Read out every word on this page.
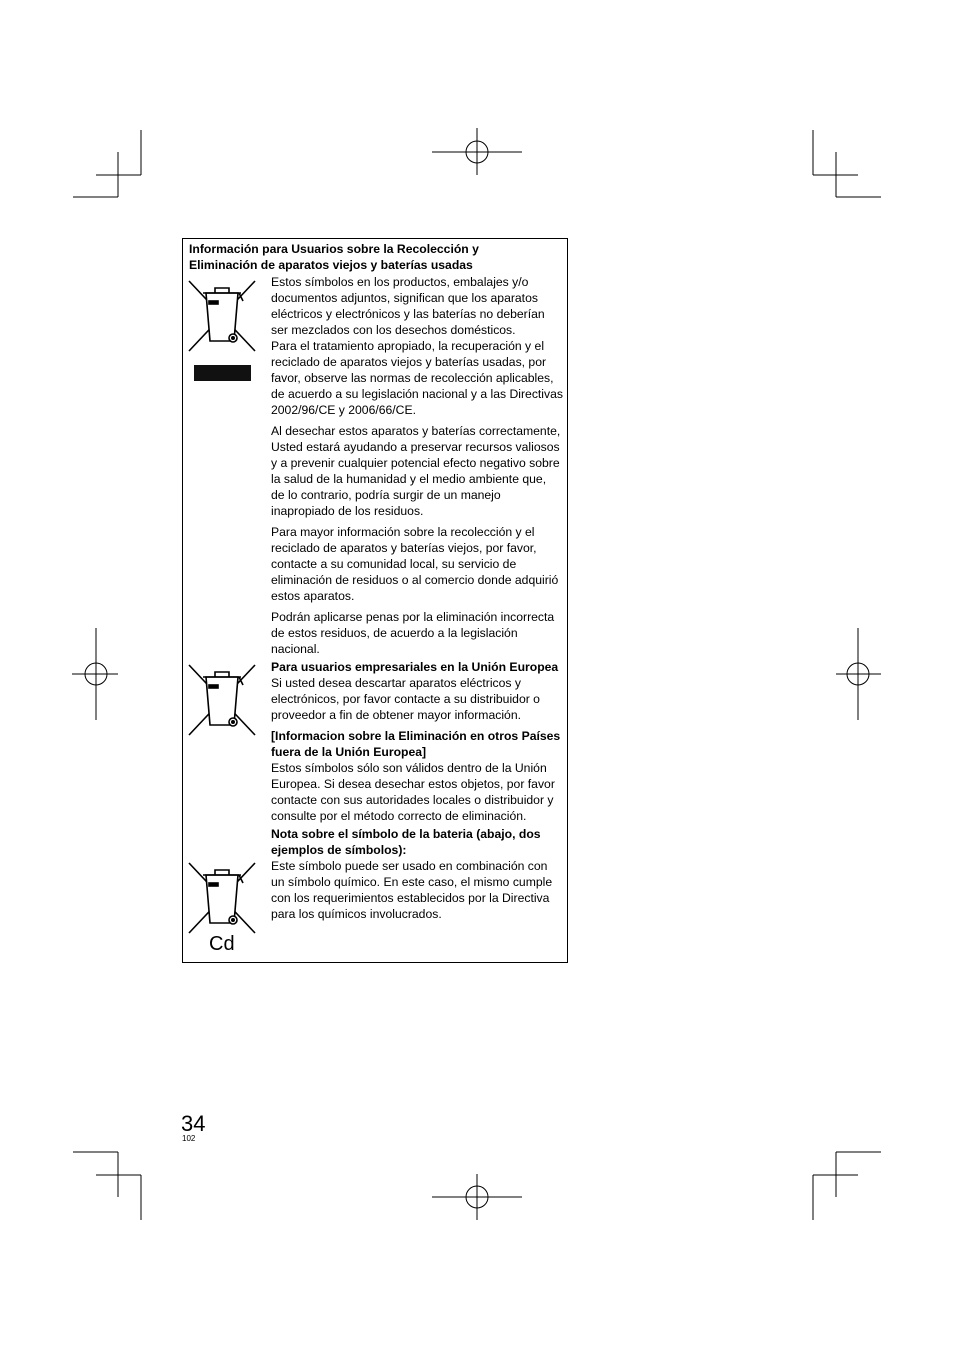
Información para Usuarios sobre la Recolección y
Eliminación de aparatos viejos y baterías usadas
Cd

Estos símbolos en los productos, embalajes y/o documentos adjuntos, significan que los aparatos eléctricos y electrónicos y las baterías no deberían ser mezclados con los desechos domésticos.

Para el tratamiento apropiado, la recuperación y el reciclado de aparatos viejos y baterías usadas, por favor, observe las normas de recolección aplicables, de acuerdo a su legislación nacional y a las Directivas 2002/96/CE y 2006/66/CE.

Al desechar estos aparatos y baterías correctamente, Usted estará ayudando a preservar recursos valiosos y a prevenir cualquier potencial efecto negativo sobre la salud de la humanidad y el medio ambiente que, de lo contrario, podría surgir de un manejo inapropiado de los residuos.

Para mayor información sobre la recolección y el reciclado de aparatos y baterías viejos, por favor, contacte a su comunidad local, su servicio de eliminación de residuos o al comercio donde adquirió estos aparatos.

Podrán aplicarse penas por la eliminación incorrecta de estos residuos, de acuerdo a la legislación nacional.

Para usuarios empresariales en la Unión Europea
Si usted desea descartar aparatos eléctricos y electrónicos, por favor contacte a su distribuidor o proveedor a fin de obtener mayor información.

[Informacion sobre la Eliminación en otros Países fuera de la Unión Europea]
Estos símbolos sólo son válidos dentro de la Unión Europea. Si desea desechar estos objetos, por favor contacte con sus autoridades locales o distribuidor y consulte por el método correcto de eliminación.

Nota sobre el símbolo de la bateria (abajo, dos ejemplos de símbolos):
Este símbolo puede ser usado en combinación con un símbolo químico. En este caso, el mismo cumple con los requerimientos establecidos por la Directiva para los químicos involucrados.

34
102
